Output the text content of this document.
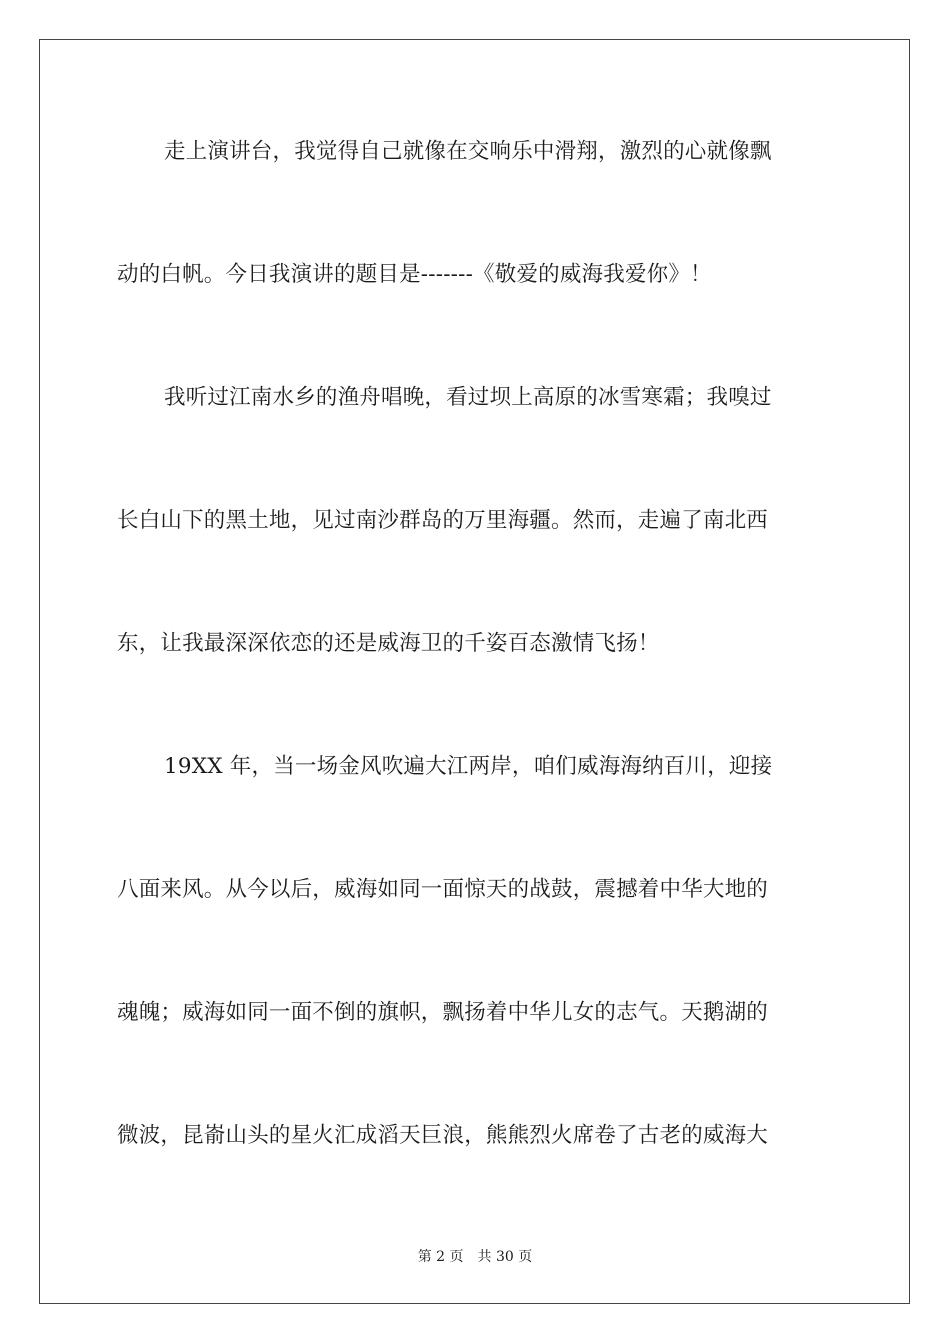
走上演讲台，我觉得自己就像在交响乐中滑翔，激烈的心就像飘
动的白帆。今日我演讲的题目是-------《敬爱的威海我爱你》！
我听过江南水乡的渔舟唱晚，看过坝上高原的冰雪寒霜；我嗅过
长白山下的黑土地，见过南沙群岛的万里海疆。然而，走遍了南北西
东，让我最深深依恋的还是威海卫的千姿百态激情飞扬！
19XX 年，当一场金风吹遍大江两岸，咱们威海海纳百川，迎接
八面来风。从今以后，威海如同一面惊天的战鼓，震撼着中华大地的
魂魄；威海如同一面不倒的旗帜，飘扬着中华儿女的志气。天鹅湖的
微波，昆嵛山头的星火汇成滔天巨浪，熊熊烈火席卷了古老的威海大
第 2 页 共 30 页
